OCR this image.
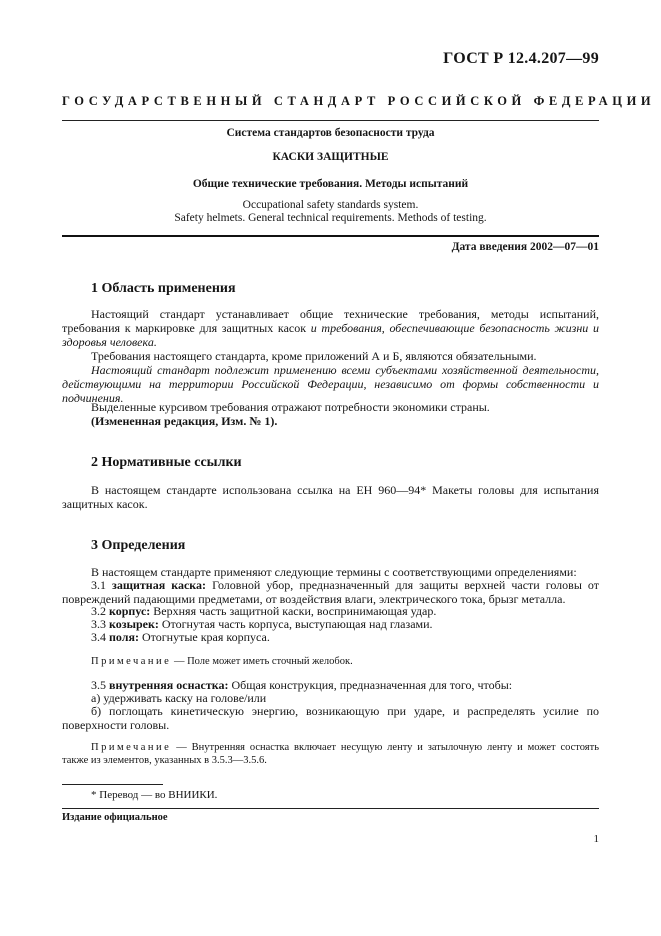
ГОСТ Р 12.4.207—99
ГОСУДАРСТВЕННЫЙ СТАНДАРТ РОССИЙСКОЙ ФЕДЕРАЦИИ
Система стандартов безопасности труда
КАСКИ ЗАЩИТНЫЕ
Общие технические требования. Методы испытаний
Occupational safety standards system.
Safety helmets. General technical requirements. Methods of testing.
Дата введения 2002—07—01
1 Область применения

Настоящий стандарт устанавливает общие технические требования, методы испытаний, требования к маркировке для защитных касок и требования, обеспечивающие безопасность жизни и здоровья человека.

Требования настоящего стандарта, кроме приложений А и Б, являются обязательными.

Настоящий стандарт подлежит применению всеми субъектами хозяйственной деятельности, действующими на территории Российской Федерации, независимо от формы собственности и подчинения.

Выделенные курсивом требования отражают потребности экономики страны.

(Измененная редакция, Изм. № 1).

2 Нормативные ссылки

В настоящем стандарте использована ссылка на ЕН 960—94* Макеты головы для испытания защитных касок.

3 Определения

В настоящем стандарте применяют следующие термины с соответствующими определениями:

3.1 защитная каска: Головной убор, предназначенный для защиты верхней части головы от повреждений падающими предметами, от воздействия влаги, электрического тока, брызг металла.

3.2 корпус: Верхняя часть защитной каски, воспринимающая удар.
3.3 козырек: Отогнутая часть корпуса, выступающая над глазами.
3.4 поля: Отогнутые края корпуса.

Примечание — Поле может иметь сточный желобок.

3.5 внутренняя оснастка: Общая конструкция, предназначенная для того, чтобы:
а) удерживать каску на голове/или

б) поглощать кинетическую энергию, возникающую при ударе, и распределять усилие по поверхности головы.

Примечание — Внутренняя оснастка включает несущую ленту и затылочную ленту и может состоять также из элементов, указанных в 3.5.3—3.5.6.

* Перевод — во ВНИИКИ.
Издание официальное
1
